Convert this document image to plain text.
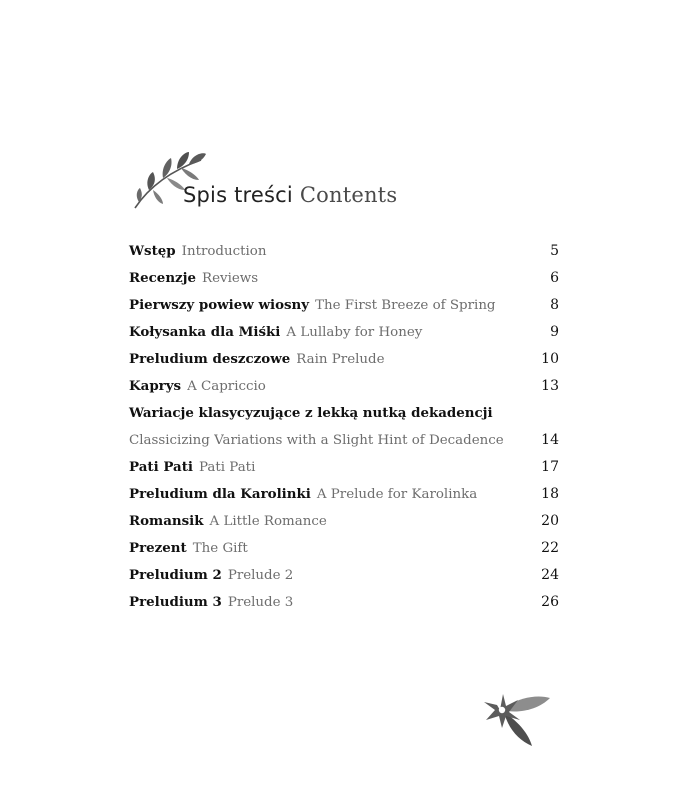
Spis treści Contents
Wstęp Introduction	5
Recenzje Reviews	6
Pierwszy powiew wiosny The First Breeze of Spring	8
Kołysanka dla Miśki A Lullaby for Honey	9
Preludium deszczowe Rain Prelude	10
Kaprys A Capriccio	13
Wariacje klasycyzujące z lekką nutką dekadencji
Classicizing Variations with a Slight Hint of Decadence	14
Pati Pati Pati Pati	17
Preludium dla Karolinki A Prelude for Karolinka	18
Romansik A Little Romance	20
Prezent The Gift	22
Preludium 2 Prelude 2	24
Preludium 3 Prelude 3	26
